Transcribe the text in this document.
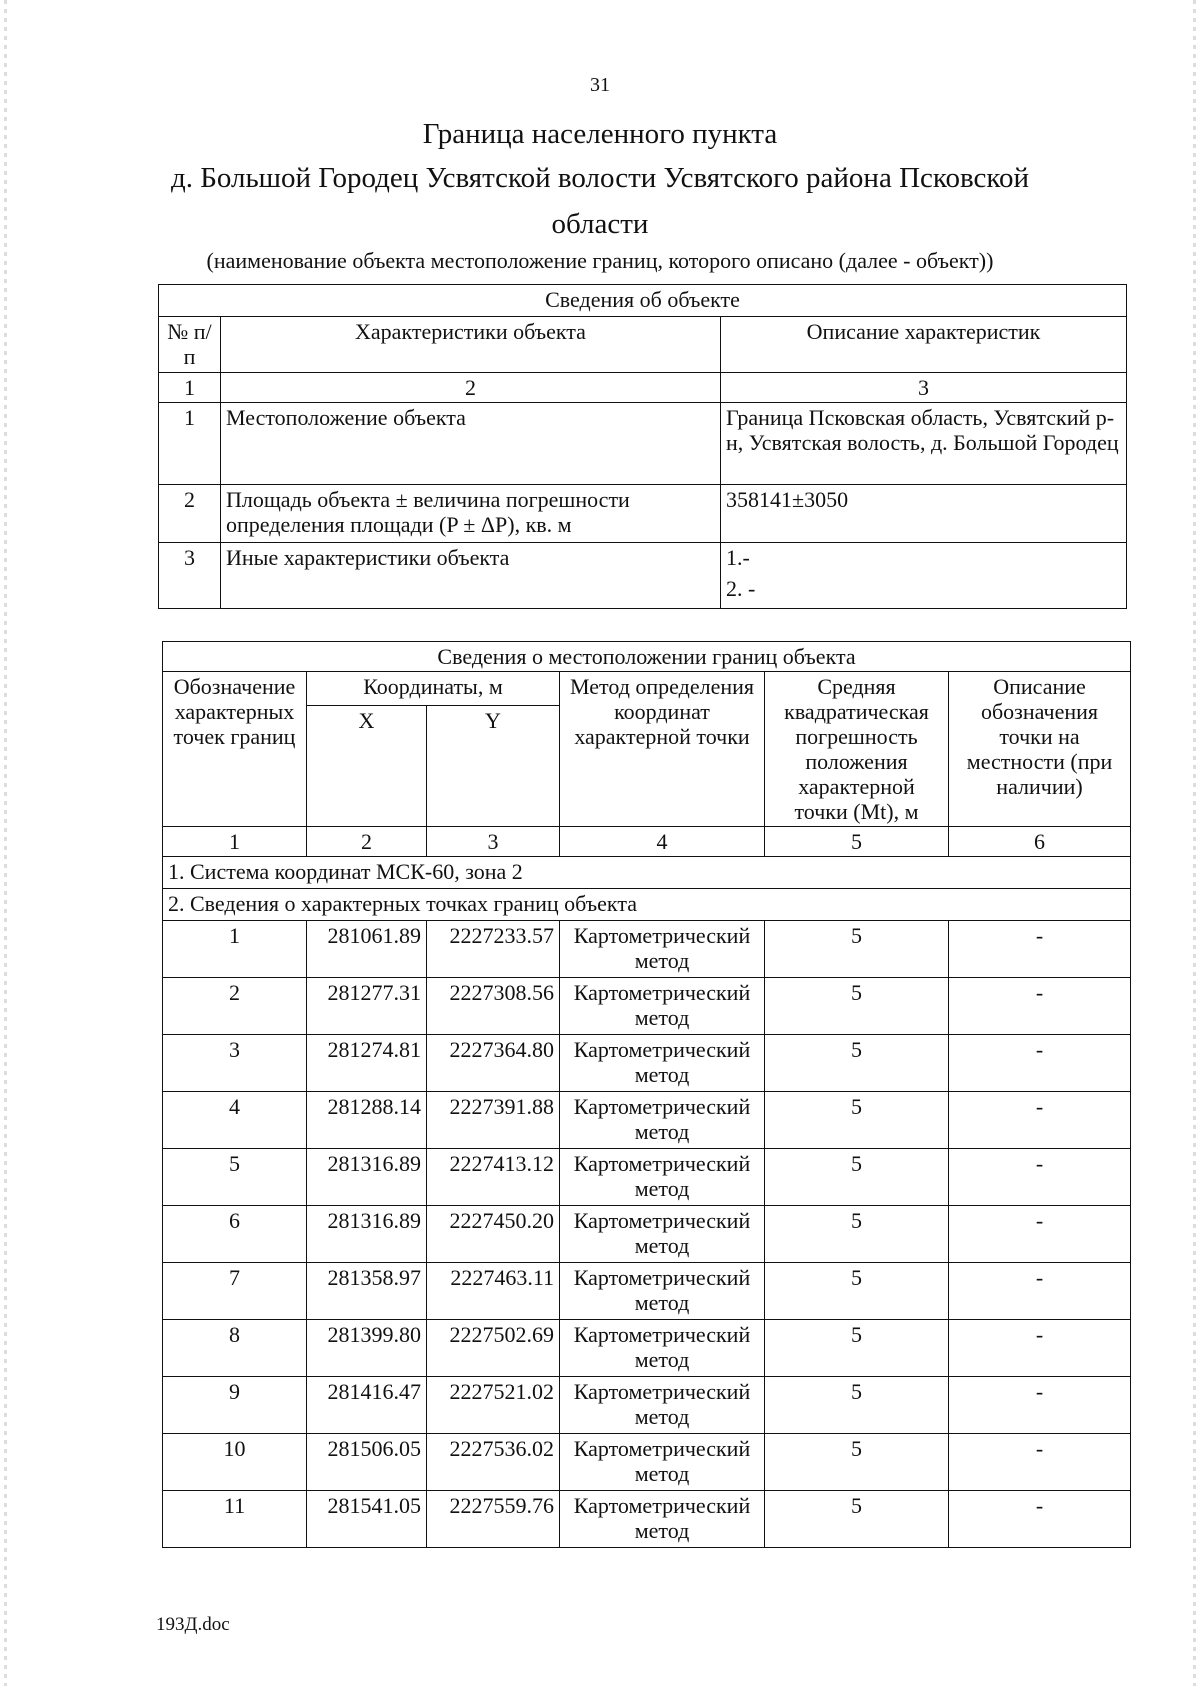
31
Граница населенного пункта
д. Большой Городец Усвятской волости Усвятского района Псковской
области
(наименование объекта местоположение границ, которого описано (далее - объект))
Сведения об объекте		
№ п/п	Характеристики объекта	Описание характеристик
1	2	3
1	Местоположение объекта	Граница Псковская область, Усвятский р-н, Усвятская волость, д. Большой Городец
2	Площадь объекта ± величина погрешности определения площади (P ± ΔP), кв. м	358141±3050
3	Иные характеристики объекта	1.-
2. -
Сведения о местоположении границ объекта					
Обозначение характерных точек границ	Координаты, м		Метод определения координат характерной точки	Средняя квадратическая погрешность положения характерной точки (Mt), м	Описание обозначения точки на местности (при наличии)
	X	Y			
1	2	3	4	5	6
1. Система координат МСК-60, зона 2					
2. Сведения о характерных точках границ объекта					
1	281061.89	2227233.57	Картометрический метод	5	-
2	281277.31	2227308.56	Картометрический метод	5	-
3	281274.81	2227364.80	Картометрический метод	5	-
4	281288.14	2227391.88	Картометрический метод	5	-
5	281316.89	2227413.12	Картометрический метод	5	-
6	281316.89	2227450.20	Картометрический метод	5	-
7	281358.97	2227463.11	Картометрический метод	5	-
8	281399.80	2227502.69	Картометрический метод	5	-
9	281416.47	2227521.02	Картометрический метод	5	-
10	281506.05	2227536.02	Картометрический метод	5	-
11	281541.05	2227559.76	Картометрический метод	5	-
193Д.doc
